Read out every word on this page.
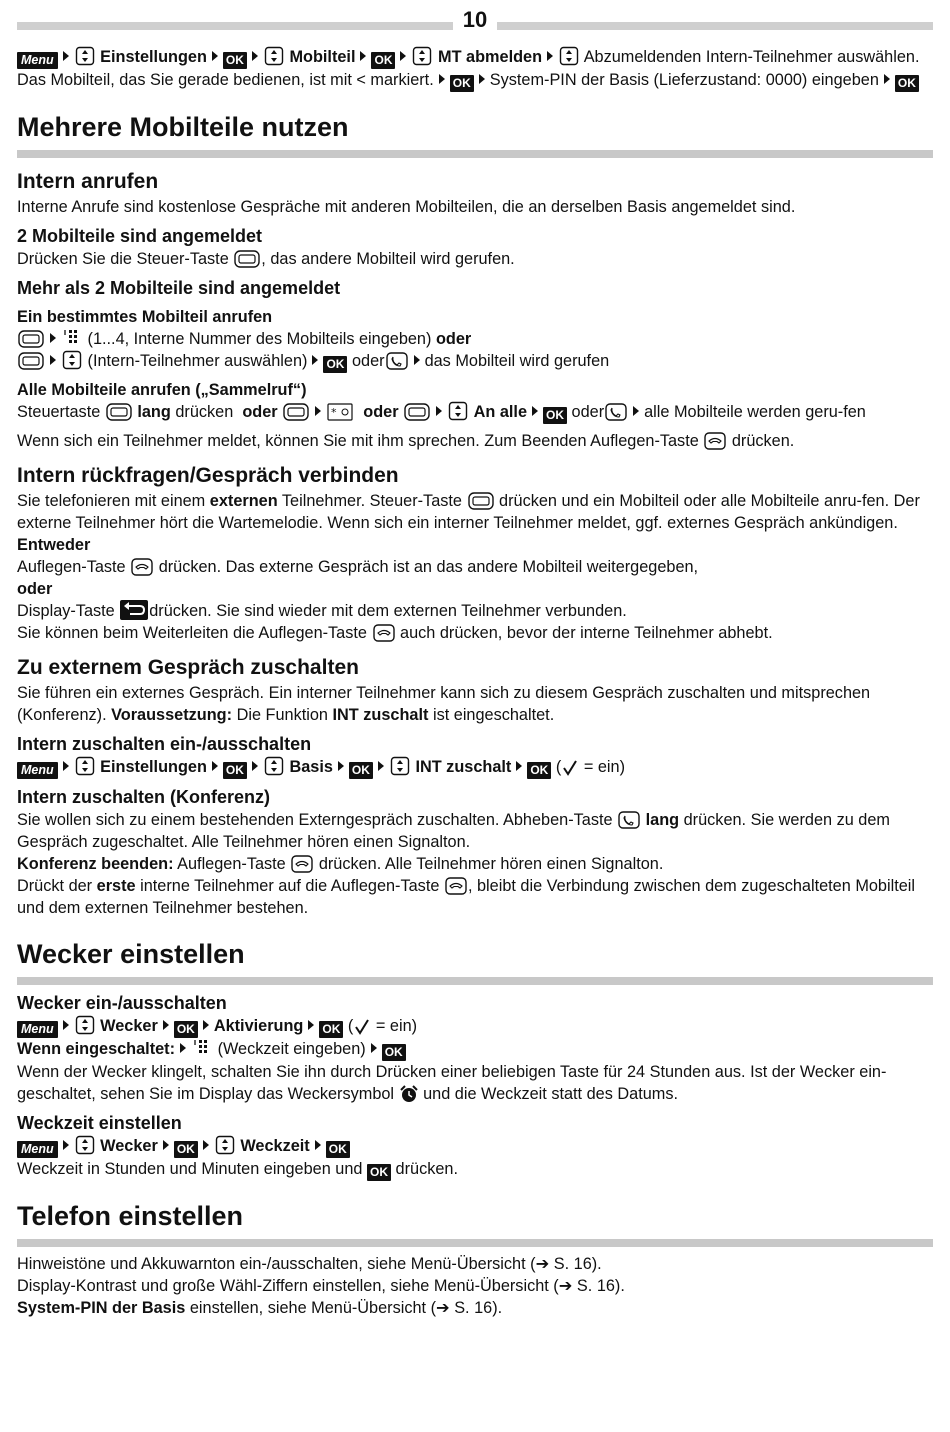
10

Menu	Einstellungen OK	Mobilteil OK	MT abmelden	Abzumeldenden Intern-Teilnehmer auswählen. Das Mobilteil, das Sie gerade bedienen, ist mit < markiert. OK System-PIN der Basis (Lieferzustand: 0000) eingeben OK

Mehrere Mobilteile nutzen
Intern anrufen

Interne Anrufe sind kostenlose Gespräche mit anderen Mobilteilen, die an derselben Basis angemeldet sind.

2 Mobilteile sind angemeldet

Drücken Sie die Steuer-Taste , das andere Mobilteil wird gerufen.

Mehr als 2 Mobilteile sind angemeldet
Ein bestimmtes Mobilteil anrufen

(1...4, Interne Nummer des Mobilteils eingeben) oder

(Intern-Teilnehmer auswählen) OK oder das Mobilteil wird gerufen

Alle Mobilteile anrufen („Sammelruf“)

Steuertaste lang drücken oder	* oder	An alle OK oder alle Mobilteile werden geru-fen

Wenn sich ein Teilnehmer meldet, können Sie mit ihm sprechen. Zum Beenden Auflegen-Taste drücken.

Intern rückfragen/Gespräch verbinden

Sie telefonieren mit einem externen Teilnehmer. Steuer-Taste drücken und ein Mobilteil oder alle Mobilteile anru-fen. Der externe Teilnehmer hört die Wartemelodie. Wenn sich ein interner Teilnehmer meldet, ggf. externes Gespräch ankündigen.

Entweder

Auflegen-Taste drücken. Das externe Gespräch ist an das andere Mobilteil weitergegeben,

oder

Display-Taste drücken. Sie sind wieder mit dem externen Teilnehmer verbunden.

Sie können beim Weiterleiten die Auflegen-Taste auch drücken, bevor der interne Teilnehmer abhebt.

Zu externem Gespräch zuschalten

Sie führen ein externes Gespräch. Ein interner Teilnehmer kann sich zu diesem Gespräch zuschalten und mitsprechen (Konferenz). Voraussetzung: Die Funktion INT zuschalt ist eingeschaltet.

Intern zuschalten ein-/ausschalten

Menu	Einstellungen OK	Basis OK	INT zuschalt OK ( = ein)

Intern zuschalten (Konferenz)

Sie wollen sich zu einem bestehenden Externgespräch zuschalten. Abheben-Taste lang drücken. Sie werden zu dem Gespräch zugeschaltet. Alle Teilnehmer hören einen Signalton.

Konferenz beenden: Auflegen-Taste drücken. Alle Teilnehmer hören einen Signalton.

Drückt der erste interne Teilnehmer auf die Auflegen-Taste , bleibt die Verbindung zwischen dem zugeschalteten Mobilteil und dem externen Teilnehmer bestehen.

Wecker einstellen
Wecker ein-/ausschalten

Menu	Wecker OK Aktivierung OK ( = ein)

Wenn eingeschaltet:	(Weckzeit eingeben) OK

Wenn der Wecker klingelt, schalten Sie ihn durch Drücken einer beliebigen Taste für 24 Stunden aus. Ist der Wecker ein-geschaltet, sehen Sie im Display das Weckersymbol und die Weckzeit statt des Datums.

Weckzeit einstellen

Menu	Wecker OK	Weckzeit OK

Weckzeit in Stunden und Minuten eingeben und OK drücken.

Telefon einstellen

Hinweistöne und Akkuwarnton ein-/ausschalten, siehe Menü-Übersicht (➔ S. 16).

Display-Kontrast und große Wähl-Ziffern einstellen, siehe Menü-Übersicht (➔ S. 16).

System-PIN der Basis einstellen, siehe Menü-Übersicht (➔ S. 16).
